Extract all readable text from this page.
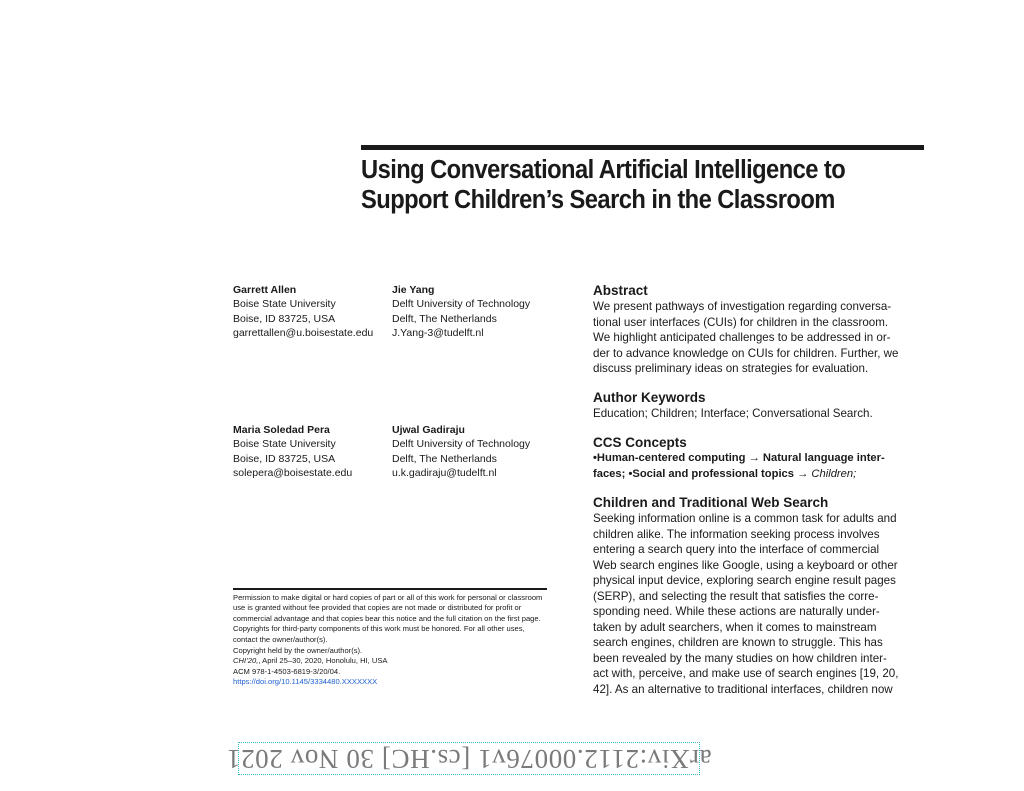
Using Conversational Artificial Intelligence to
Support Children’s Search in the Classroom
Garrett Allen
Boise State University
Boise, ID 83725, USA
garrettallen@u.boisestate.edu
Jie Yang
Delft University of Technology
Delft, The Netherlands
J.Yang-3@tudelft.nl
Maria Soledad Pera
Boise State University
Boise, ID 83725, USA
solepera@boisestate.edu
Ujwal Gadiraju
Delft University of Technology
Delft, The Netherlands
u.k.gadiraju@tudelft.nl

Permission to make digital or hard copies of part or all of this work for personal or classroom use is granted without fee provided that copies are not made or distributed for profit or commercial advantage and that copies bear this notice and the full citation on the first page. Copyrights for third-party components of this work must be honored. For all other uses, contact the owner/author(s).

Copyright held by the owner/author(s).
CHI’20,, April 25–30, 2020, Honolulu, HI, USA
ACM 978-1-4503-6819-3/20/04.
https://doi.org/10.1145/3334480.XXXXXXX
Abstract
We present pathways of investigation regarding conversa-
tional user interfaces (CUIs) for children in the classroom.
We highlight anticipated challenges to be addressed in or-
der to advance knowledge on CUIs for children. Further, we
discuss preliminary ideas on strategies for evaluation.
Author Keywords
Education; Children; Interface; Conversational Search.
CCS Concepts
•Human-centered computing → Natural language inter-
faces; •Social and professional topics → Children;
Children and Traditional Web Search
Seeking information online is a common task for adults and
children alike. The information seeking process involves
entering a search query into the interface of commercial
Web search engines like Google, using a keyboard or other
physical input device, exploring search engine result pages
(SERP), and selecting the result that satisfies the corre-
sponding need. While these actions are naturally under-
taken by adult searchers, when it comes to mainstream
search engines, children are known to struggle. This has
been revealed by the many studies on how children inter-
act with, perceive, and make use of search engines [19, 20,
42]. As an alternative to traditional interfaces, children now
arXiv:2112.00076v1 [cs.HC] 30 Nov 2021
